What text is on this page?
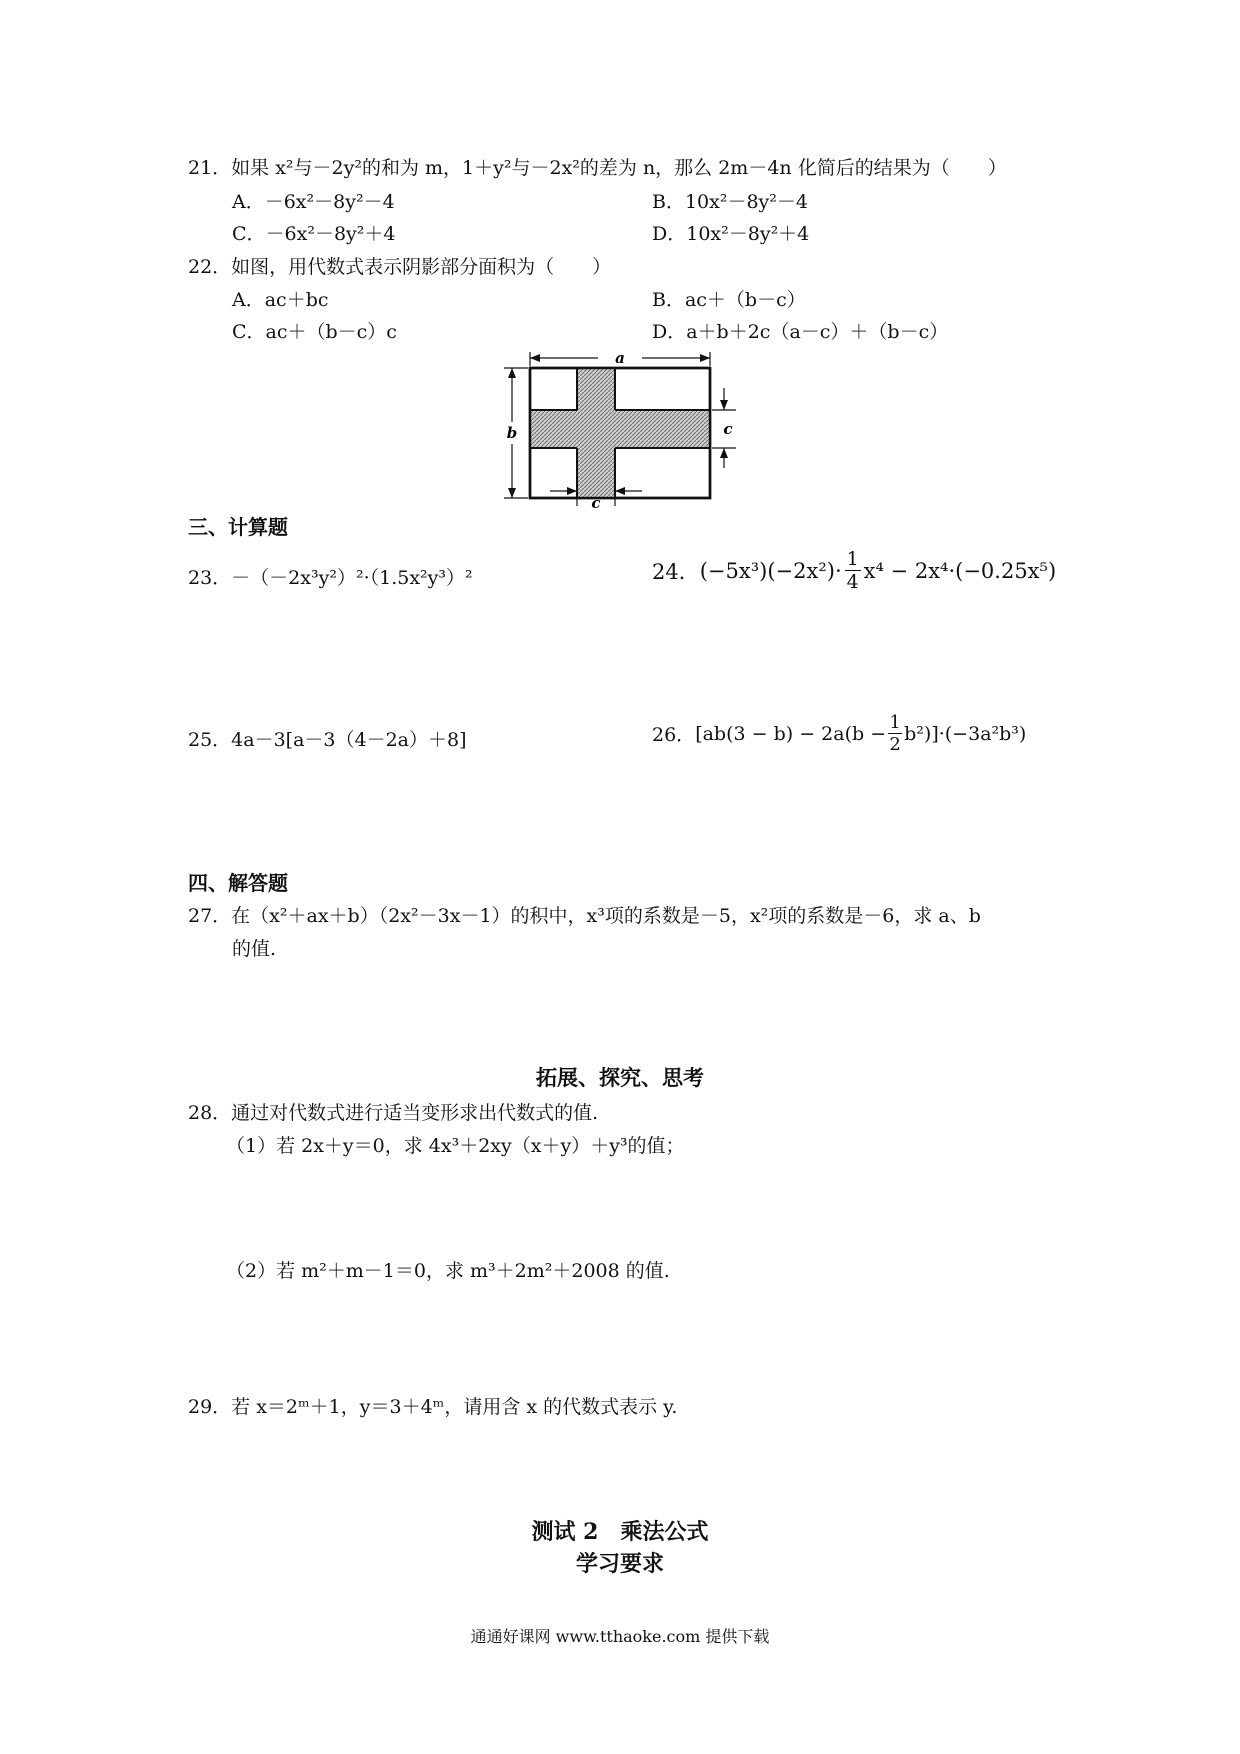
21．如果 x²与－2y²的和为 m，1＋y²与－2x²的差为 n，那么 2m－4n 化简后的结果为（　　）
A．－6x²－8y²－4	B．10x²－8y²－4
C．－6x²－8y²＋4	D．10x²－8y²＋4
22．如图，用代数式表示阴影部分面积为（　　）
A．ac＋bc	B．ac＋（b－c）
C．ac＋（b－c）c	D．a＋b＋2c（a－c）＋（b－c）
a
b	c
c
三、计算题
23．－（－2x³y²）²·（1.5x²y³）²	24． (−5x³)(−2x²)· 1
4 x⁴ − 2x⁴·(−0.25x⁵)
25．4a－3[a－3（4－2a）＋8]	26． [ab(3 − b) − 2a(b − 1
2 b²)]·(−3a²b³)
四、解答题
27．在（x²＋ax＋b）（2x²－3x－1）的积中，x³项的系数是－5，x²项的系数是－6，求 a、b
的值.
拓展、探究、思考
28．通过对代数式进行适当变形求出代数式的值.
（1）若 2x＋y＝0，求 4x³＋2xy（x＋y）＋y³的值；
（2）若 m²＋m－1＝0，求 m³＋2m²＋2008 的值.
29．若 x＝2ᵐ＋1，y＝3＋4ᵐ，请用含 x 的代数式表示 y.
测试 2　乘法公式
学习要求
通通好课网 www.tthaoke.com 提供下载
